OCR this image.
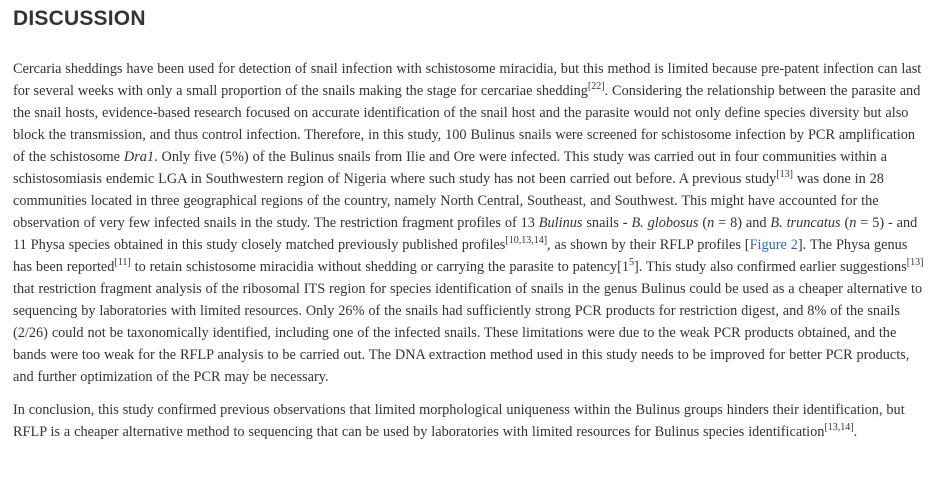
DISCUSSION

Cercaria sheddings have been used for detection of snail infection with schistosome miracidia, but this method is limited because pre-patent infection can last for several weeks with only a small proportion of the snails making the stage for cercariae shedding[22]. Considering the relationship between the parasite and the snail hosts, evidence-based research focused on accurate identification of the snail host and the parasite would not only define species diversity but also block the transmission, and thus control infection. Therefore, in this study, 100 Bulinus snails were screened for schistosome infection by PCR amplification of the schistosome Dra1. Only five (5%) of the Bulinus snails from Ilie and Ore were infected. This study was carried out in four communities within a schistosomiasis endemic LGA in Southwestern region of Nigeria where such study has not been carried out before. A previous study[13] was done in 28 communities located in three geographical regions of the country, namely North Central, Southeast, and Southwest. This might have accounted for the observation of very few infected snails in the study. The restriction fragment profiles of 13 Bulinus snails - B. globosus (n = 8) and B. truncatus (n = 5) - and 11 Physa species obtained in this study closely matched previously published profiles[10,13,14], as shown by their RFLP profiles [Figure 2]. The Physa genus has been reported[11] to retain schistosome miracidia without shedding or carrying the parasite to $patency[1^5]$. This study also confirmed earlier suggestions[13] that restriction fragment analysis of the ribosomal ITS region for species identification of snails in the genus Bulinus could be used as a cheaper alternative to sequencing by laboratories with limited resources. Only 26% of the snails had sufficiently strong PCR products for restriction digest, and 8% of the snails (2/26) could not be taxonomically identified, including one of the infected snails. These limitations were due to the weak PCR products obtained, and the bands were too weak for the RFLP analysis to be carried out. The DNA extraction method used in this study needs to be improved for better PCR products, and further optimization of the PCR may be necessary.

In conclusion, this study confirmed previous observations that limited morphological uniqueness within the Bulinus groups hinders their identification, but RFLP is a cheaper alternative method to sequencing that can be used by laboratories with limited resources for Bulinus species identification[13,14].
